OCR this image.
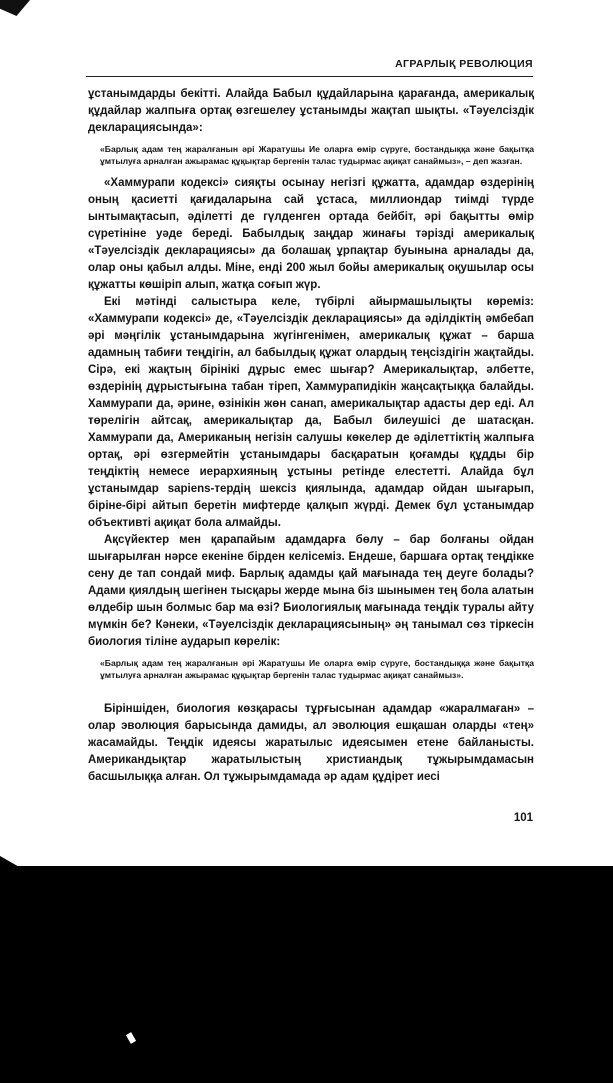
АГРАРЛЫҚ РЕВОЛЮЦИЯ

ұстанымдарды бекітті. Алайда Бабыл құдайларына қарағанда, америкалық құдайлар жалпыға ортақ өзгешелеу ұстанымды жақтап шықты. «Тәуелсіздік декларациясында»:

«Барлық адам тең жаралғанын әрі Жаратушы Ие оларға өмір сүруге, бостандыққа және бақытқа ұмтылуға арналған ажырамас құқықтар бергенін талас тудырмас ақиқат санаймыз», – деп жазған.

«Хаммурапи кодексі» сияқты осынау негізгі құжатта, адамдар өздерінің оның қасиетті қағидаларына сай ұстаса, миллиондар тиімді түрде ынтымақтасып, әділетті де гүлденген ортада бейбіт, әрі бақытты өмір сүретініне уәде береді. Бабылдық заңдар жинағы тәрізді америкалық «Тәуелсіздік декларациясы» да болашақ ұрпақтар буынына арналады да, олар оны қабыл алды. Міне, енді 200 жыл бойы америкалық оқушылар осы құжатты көшіріп алып, жатқа соғып жүр.

Екі мәтінді салыстыра келе, түбірлі айырмашылықты көреміз: «Хаммурапи кодексі» де, «Тәуелсіздік декларациясы» да әділдіктің әмбебап әрі мәңгілік ұстанымдарына жүгінгенімен, америкалық құжат – барша адамның табиғи теңдігін, ал бабылдық құжат олардың теңсіздігін жақтайды. Сірә, екі жақтың бірінікі дұрыс емес шығар? Америкалықтар, әлбетте, өздерінің дұрыстығына табан тіреп, Хаммурапидікін жаңсақтыққа балайды. Хаммурапи да, әрине, өзінікін жөн санап, америкалықтар адасты дер еді. Ал төрелігін айтсақ, америкалықтар да, Бабыл билеушісі де шатасқан. Хаммурапи да, Американың негізін салушы көкелер де әділеттіктің жалпыға ортақ, әрі өзгермейтін ұстанымдары басқаратын қоғамды құдды бір теңдіктің немесе иерархияның ұстыны ретінде елестетті. Алайда бұл ұстанымдар sapiens-тердің шексіз қиялында, адамдар ойдан шығарып, біріне-бірі айтып беретін мифтерде қалқып жүрді. Демек бұл ұстанымдар объективті ақиқат бола алмайды.

Ақсүйектер мен қарапайым адамдарға бөлу – бар болғаны ойдан шығарылған нәрсе екеніне бірден келісеміз. Ендеше, баршаға ортақ теңдікке сену де тап сондай миф. Барлық адамды қай мағынада тең деуге болады? Адами қиялдың шегінен тысқары жерде мына біз шынымен тең бола алатын өлдебір шын болмыс бар ма өзі? Биологиялық мағынада теңдік туралы айту мүмкін бе? Кәнеки, «Тәуелсіздік декларациясының» әң танымал сөз тіркесін биология тіліне аударып көрелік:

«Барлық адам тең жаралғанын әрі Жаратушы Ие оларға өмір сүруге, бостандыққа және бақытқа ұмтылуға арналған ажырамас құқықтар бергенін талас тудырмас ақиқат санаймыз».

Біріншіден, биология көзқарасы тұрғысынан адамдар «жаралмаған» – олар эволюция барысында дамиды, ал эволюция ешқашан оларды «тең» жасамайды. Теңдік идеясы жаратылыс идеясымен етене байланысты. Американдықтар жаратылыстың христиандық тұжырымдамасын басшылыққа алған. Ол тұжырымдамада әр адам құдірет иесі

101
